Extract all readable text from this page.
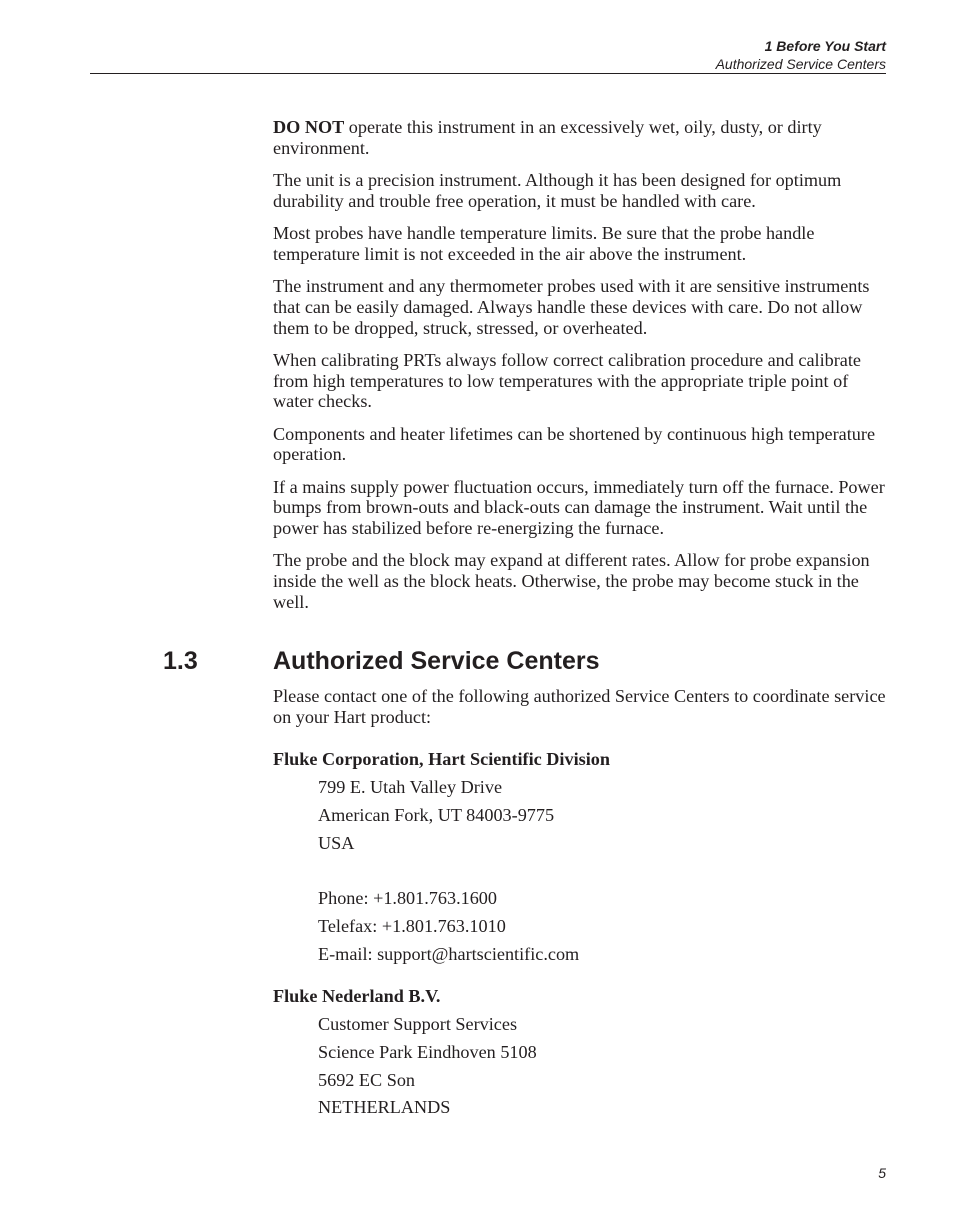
1 Before You Start
Authorized Service Centers

DO NOT operate this instrument in an excessively wet, oily, dusty, or dirty environment.

The unit is a precision instrument. Although it has been designed for optimum durability and trouble free operation, it must be handled with care.

Most probes have handle temperature limits. Be sure that the probe handle temperature limit is not exceeded in the air above the instrument.

The instrument and any thermometer probes used with it are sensitive instruments that can be easily damaged. Always handle these devices with care. Do not allow them to be dropped, struck, stressed, or overheated.

When calibrating PRTs always follow correct calibration procedure and calibrate from high temperatures to low temperatures with the appropriate triple point of water checks.

Components and heater lifetimes can be shortened by continuous high temperature operation.

If a mains supply power fluctuation occurs, immediately turn off the furnace. Power bumps from brown-outs and black-outs can damage the instrument. Wait until the power has stabilized before re-energizing the furnace.

The probe and the block may expand at different rates. Allow for probe expansion inside the well as the block heats. Otherwise, the probe may become stuck in the well.

1.3	Authorized Service Centers

Please contact one of the following authorized Service Centers to coordinate service on your Hart product:

Fluke Corporation, Hart Scientific Division
799 E. Utah Valley Drive
American Fork, UT 84003-9775
USA
Phone: +1.801.763.1600
Telefax: +1.801.763.1010
E-mail: support@hartscientific.com
Fluke Nederland B.V.
Customer Support Services
Science Park Eindhoven 5108
5692 EC Son
NETHERLANDS
5
